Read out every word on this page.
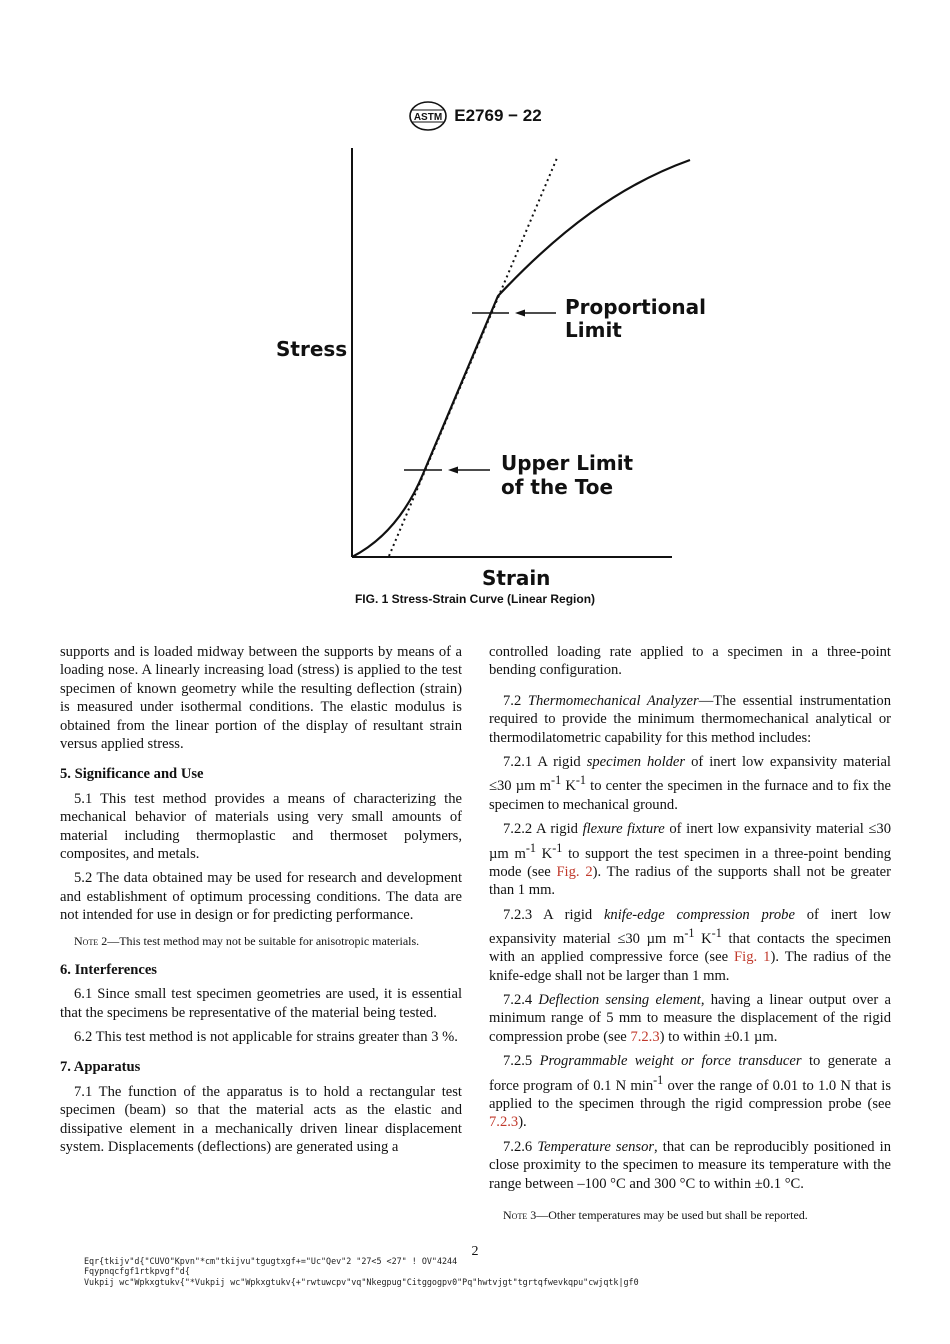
ASTM E2769 − 22
Stress
Strain
Proportional
Limit
Upper Limit
of the Toe
FIG. 1 Stress-Strain Curve (Linear Region)

supports and is loaded midway between the supports by means of a loading nose. A linearly increasing load (stress) is applied to the test specimen of known geometry while the resulting deflection (strain) is measured under isothermal conditions. The elastic modulus is obtained from the linear portion of the display of resultant strain versus applied stress.

5. Significance and Use

5.1 This test method provides a means of characterizing the mechanical behavior of materials using very small amounts of material including thermoplastic and thermoset polymers, composites, and metals.

5.2 The data obtained may be used for research and development and establishment of optimum processing conditions. The data are not intended for use in design or for predicting performance.

Note 2—This test method may not be suitable for anisotropic materials.

6. Interferences

6.1 Since small test specimen geometries are used, it is essential that the specimens be representative of the material being tested.

6.2 This test method is not applicable for strains greater than 3 %.

7. Apparatus

7.1 The function of the apparatus is to hold a rectangular test specimen (beam) so that the material acts as the elastic and dissipative element in a mechanically driven linear displacement system. Displacements (deflections) are generated using a

controlled loading rate applied to a specimen in a three-point bending configuration.

7.2 Thermomechanical Analyzer—The essential instrumentation required to provide the minimum thermomechanical analytical or thermodilatometric capability for this method includes:

7.2.1 A rigid specimen holder of inert low expansivity material ≤30 µm $m^{-1}$ $K^{-1}$ to center the specimen in the furnace and to fix the specimen to mechanical ground.

7.2.2 A rigid flexure fixture of inert low expansivity material ≤30 µm $m^{-1}$ $K^{-1}$ to support the test specimen in a three-point bending mode (see Fig. 2). The radius of the supports shall not be greater than 1 mm.

7.2.3 A rigid knife-edge compression probe of inert low expansivity material ≤30 µm $m^{-1}$ $K^{-1}$ that contacts the specimen with an applied compressive force (see Fig. 1). The radius of the knife-edge shall not be larger than 1 mm.

7.2.4 Deflection sensing element, having a linear output over a minimum range of 5 mm to measure the displacement of the rigid compression probe (see 7.2.3) to within ±0.1 µm.

7.2.5 Programmable weight or force transducer to generate a force program of 0.1 N $\min^{-1}$ over the range of 0.01 to 1.0 N that is applied to the specimen through the rigid compression probe (see 7.2.3).

7.2.6 Temperature sensor, that can be reproducibly positioned in close proximity to the specimen to measure its temperature with the range between –100 °C and 300 °C to within ±0.1 °C.

Note 3—Other temperatures may be used but shall be reported.

2
Eqr{tkijv"d{"CUVO"Kpvn"*cm"tkijvu"tgugtxgf+="Uc"Qev"2 "27<5 <27" ! OV"4244
Fqypnqcfgf1rtkpvgf"d{
Vukpij wc"Wpkxgtukv{"*Vukpij wc"Wpkxgtukv{+"rwtuwcpv"vq"Nkegpug"Citggogpv0"Pq"hwtvjgt"tgrtqfwevkqpu"cwjqtk|gf0
